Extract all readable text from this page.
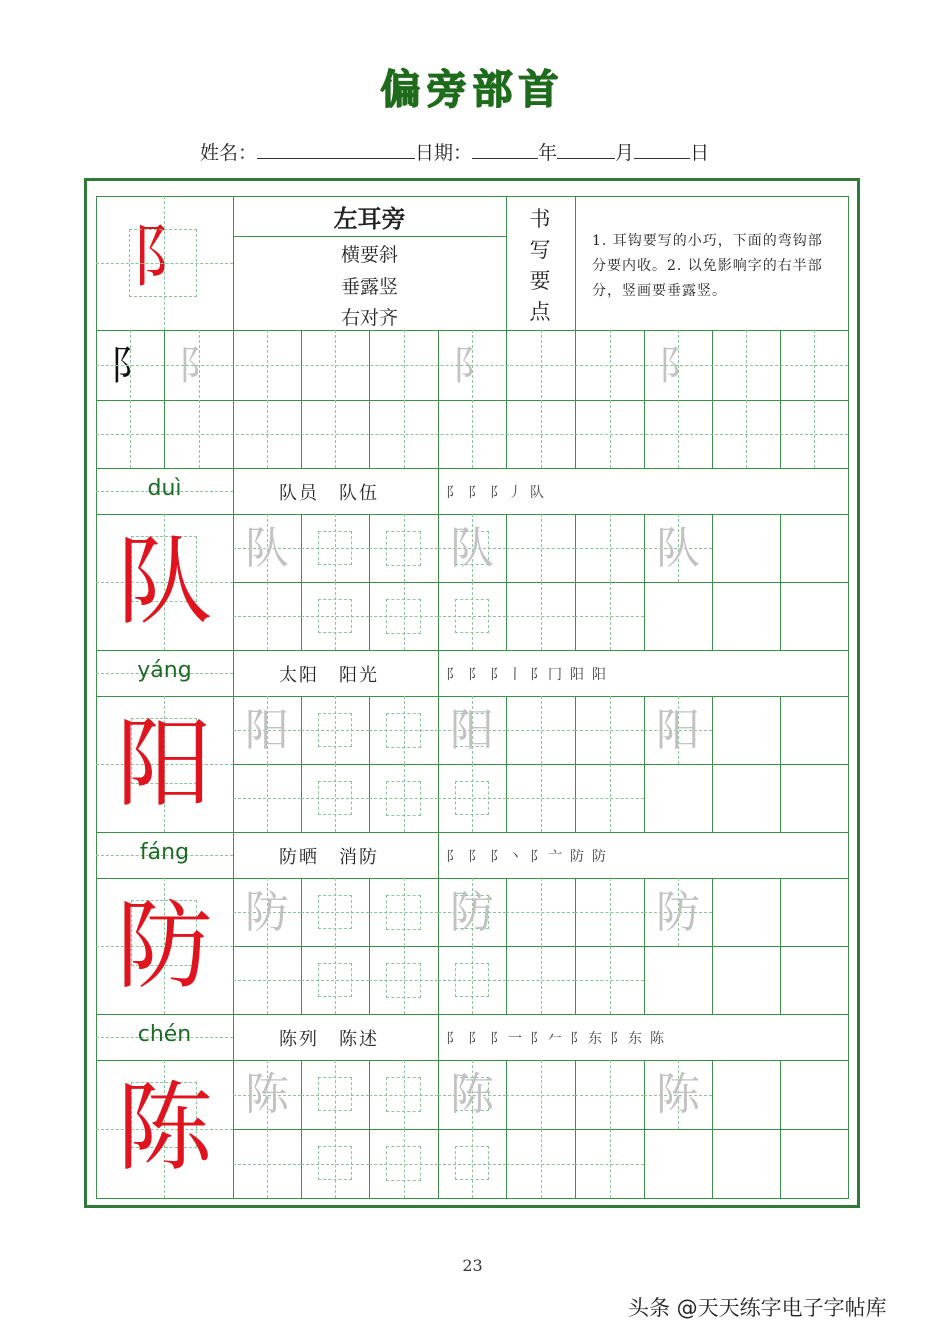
偏旁部首
姓名：	日期：	年	月	日
左耳旁
横要斜
垂露竖
右对齐
书
写
要
点
1. 耳钩要写的小巧，下面的弯钩部分要内收。2. 以免影响字的右半部分，竖画要垂露竖。
阝
阝 阝	阝	阝
duì	队员　队伍	阝 阝 阝丿 队
队 队	队	队
yáng	太阳　阳光	阝 阝 阝丨 阝冂 阳 阳
阳 阳	阳	阳
fáng	防晒　消防	阝 阝 阝丶 阝亠 防 防
防 防	防	防
chén	陈列　陈述	阝 阝 阝一 阝𠂉 阝东 阝东 陈
陈 陈	陈	陈
23
头条 @天天练字电子字帖库
